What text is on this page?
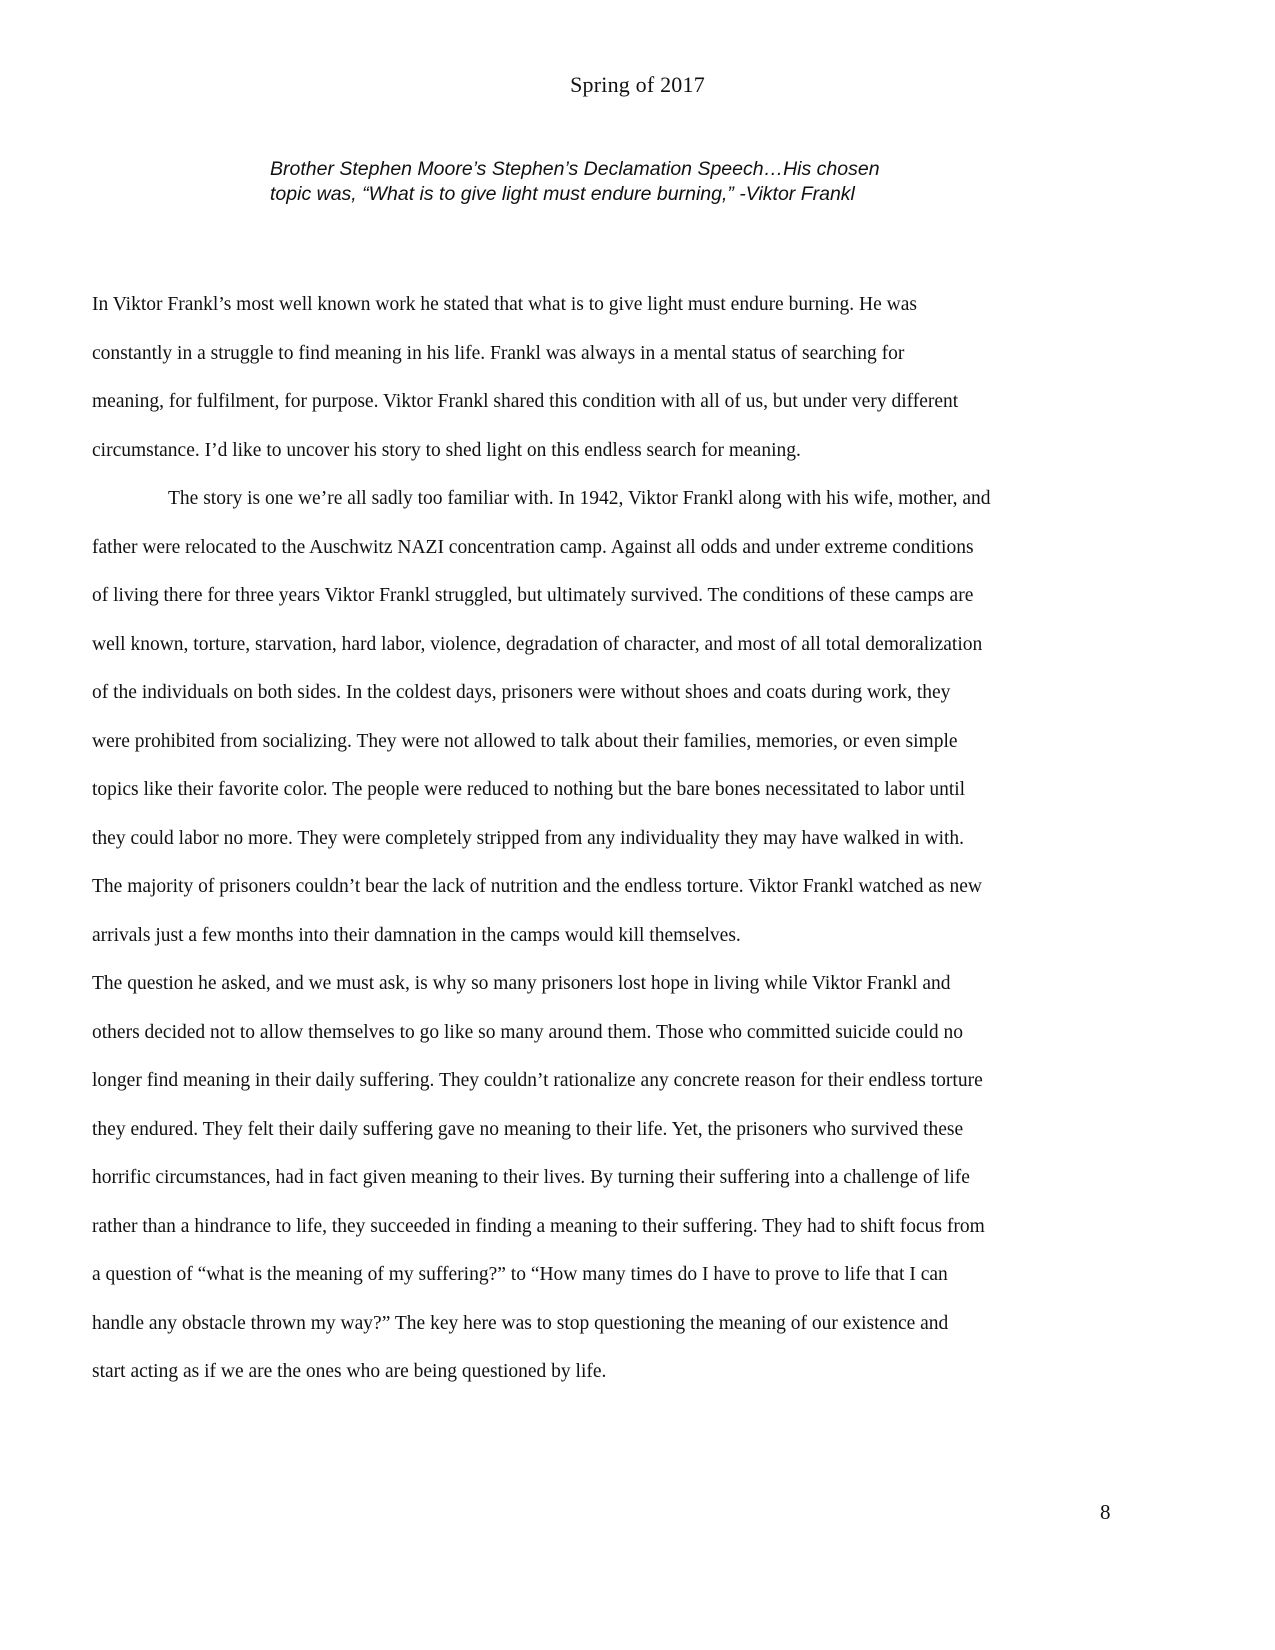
Spring of 2017
Brother Stephen Moore’s Stephen’s Declamation Speech…His chosen
topic was, “What is to give light must endure burning,” -Viktor Frankl
In Viktor Frankl’s most well known work he stated that what is to give light must endure burning. He was
constantly in a struggle to find meaning in his life. Frankl was always in a mental status of searching for
meaning, for fulfilment, for purpose. Viktor Frankl shared this condition with all of us, but under very different
circumstance. I’d like to uncover his story to shed light on this endless search for meaning.
The story is one we’re all sadly too familiar with. In 1942, Viktor Frankl along with his wife, mother, and
father were relocated to the Auschwitz NAZI concentration camp. Against all odds and under extreme conditions
of living there for three years Viktor Frankl struggled, but ultimately survived. The conditions of these camps are
well known, torture, starvation, hard labor, violence, degradation of character, and most of all total demoralization
of the individuals on both sides. In the coldest days, prisoners were without shoes and coats during work, they
were prohibited from socializing. They were not allowed to talk about their families, memories, or even simple
topics like their favorite color. The people were reduced to nothing but the bare bones necessitated to labor until
they could labor no more. They were completely stripped from any individuality they may have walked in with.
The majority of prisoners couldn’t bear the lack of nutrition and the endless torture. Viktor Frankl watched as new
arrivals just a few months into their damnation in the camps would kill themselves.
The question he asked, and we must ask, is why so many prisoners lost hope in living while Viktor Frankl and
others decided not to allow themselves to go like so many around them. Those who committed suicide could no
longer find meaning in their daily suffering. They couldn’t rationalize any concrete reason for their endless torture
they endured. They felt their daily suffering gave no meaning to their life. Yet, the prisoners who survived these
horrific circumstances, had in fact given meaning to their lives. By turning their suffering into a challenge of life
rather than a hindrance to life, they succeeded in finding a meaning to their suffering. They had to shift focus from
a question of “what is the meaning of my suffering?” to “How many times do I have to prove to life that I can
handle any obstacle thrown my way?” The key here was to stop questioning the meaning of our existence and
start acting as if we are the ones who are being questioned by life.
8
